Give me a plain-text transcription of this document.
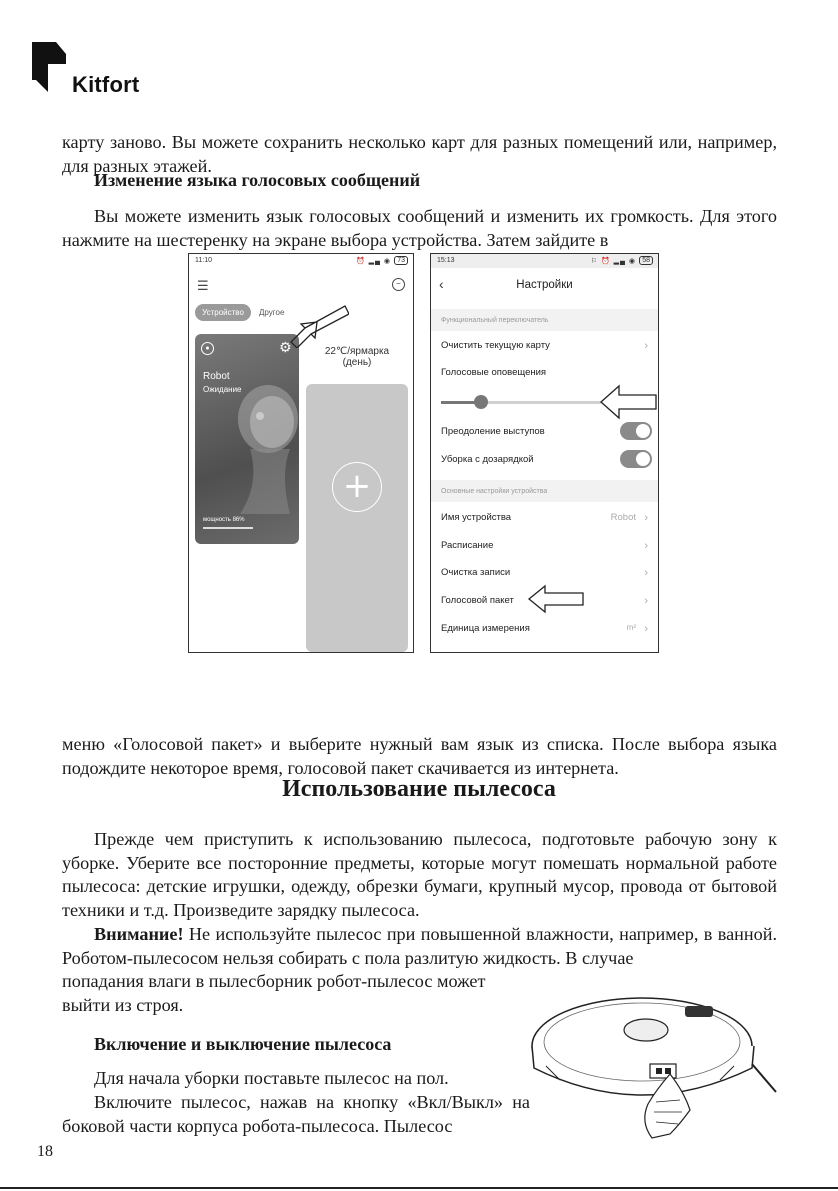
Kitfort

карту заново. Вы можете сохранить несколько карт для разных помещений или, например, для разных этажей.

Изменение языка голосовых сообщений

Вы можете изменить язык голосовых сообщений и изменить их громкость. Для этого нажмите на шестеренку на экране выбора устройства. Затем зайдите в

11:10	⏰ ▂▄ ◉ 73
☰	–
Устройство	Другое
●	⚙
Robot
Ожидание
мощность 86%
22℃/ярмарка
(день)
+
15:13	⚐ ⏰ ▂▄ ◉ 58
‹	Настройки
Функциональный переключатель
Очистить текущую карту	›
Голосовые оповещения
Преодоление выступов
Уборка с дозарядкой
Основные настройки устройства
Имя устройства	Robot ›
Расписание	›
Очистка записи	›
Голосовой пакет	›
Единица измерения	m² ›

меню «Голосовой пакет» и выберите нужный вам язык из списка. После выбора языка подождите некоторое время, голосовой пакет скачивается из интернета.

Использование пылесоса

Прежде чем приступить к использованию пылесоса, подготовьте рабочую зону к уборке. Уберите все посторонние предметы, которые могут помешать нормальной работе пылесоса: детские игрушки, одежду, обрезки бумаги, крупный мусор, провода от бытовой техники и т.д. Произведите зарядку пылесоса.

Внимание! Не используйте пылесос при повышенной влажности, например, в ванной. Роботом-пылесосом нельзя собирать с пола разлитую жидкость. В случае

попадания влаги в пылесборник робот-пылесос может выйти из строя.

Включение и выключение пылесоса

Для начала уборки поставьте пылесос на пол.

Включите пылесос, нажав на кнопку «Вкл/Выкл» на боковой части корпуса робота-пылесоса. Пылесос

18
